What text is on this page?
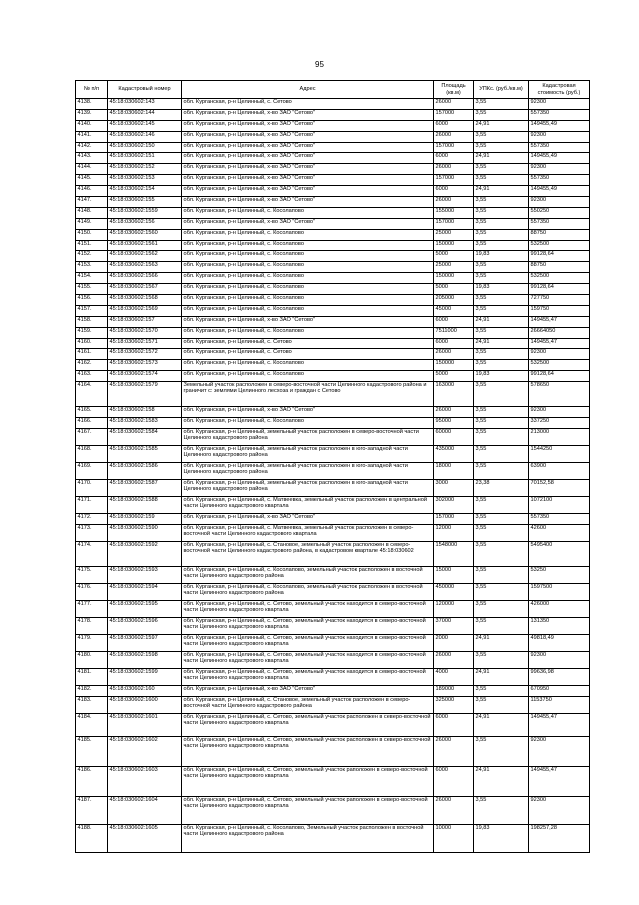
95
№ п/п	Кадастровый номер	Адрес	Площадь (кв.м)	УПКс. (руб./кв.м)	Кадастровая стоимость (руб.)
4138.	45:18:030602:143	обл. Курганская, р-н Целинный, с. Сетово	26000	3,55	92300
4139.	45:18:030602:144	обл. Курганская, р-н Целинный, х-во ЗАО "Сетово"	157000	3,55	557350
4140.	45:18:030602:145	обл. Курганская, р-н Целинный, х-во ЗАО "Сетово"	6000	24,91	149455,49
4141.	45:18:030602:146	обл. Курганская, р-н Целинный, х-во ЗАО "Сетово"	26000	3,55	92300
4142.	45:18:030602:150	обл. Курганская, р-н Целинный, х-во ЗАО "Сетово"	157000	3,55	557350
4143.	45:18:030602:151	обл. Курганская, р-н Целинный, х-во ЗАО "Сетово"	6000	24,91	149455,49
4144.	45:18:030602:152	обл. Курганская, р-н Целинный, х-во ЗАО "Сетово"	26000	3,55	92300
4145.	45:18:030602:153	обл. Курганская, р-н Целинный, х-во ЗАО "Сетово"	157000	3,55	557350
4146.	45:18:030602:154	обл. Курганская, р-н Целинный, х-во ЗАО "Сетово"	6000	24,91	149455,49
4147.	45:18:030602:155	обл. Курганская, р-н Целинный, х-во ЗАО "Сетово"	26000	3,55	92300
4148.	45:18:030602:1559	обл. Курганская, р-н Целинный, с. Косолапово	155000	3,55	550250
4149.	45:18:030602:156	обл. Курганская, р-н Целинный, х-во ЗАО "Сетово"	157000	3,55	557350
4150.	45:18:030602:1560	обл. Курганская, р-н Целинный, с. Косолапово	25000	3,55	88750
4151.	45:18:030602:1561	обл. Курганская, р-н Целинный, с. Косолапово	150000	3,55	532500
4152.	45:18:030602:1562	обл. Курганская, р-н Целинный, с. Косолапово	5000	19,83	99128,64
4153.	45:18:030602:1563	обл. Курганская, р-н Целинный, с. Косолапово	25000	3,55	88750
4154.	45:18:030602:1566	обл. Курганская, р-н Целинный, с. Косолапово	150000	3,55	532500
4155.	45:18:030602:1567	обл. Курганская, р-н Целинный, с. Косолапово	5000	19,83	99128,64
4156.	45:18:030602:1568	обл. Курганская, р-н Целинный, с. Косолапово	205000	3,55	727750
4157.	45:18:030602:1569	обл. Курганская, р-н Целинный, с. Косолапово	45000	3,55	159750
4158.	45:18:030602:157	обл. Курганская, р-н Целинный, х-во ЗАО "Сетово"	6000	24,91	149455,47
4159.	45:18:030602:1570	обл. Курганская, р-н Целинный, с. Косолапово	7511000	3,55	26664050
4160.	45:18:030602:1571	обл. Курганская, р-н Целинный, с. Сетово	6000	24,91	149455,47
4161.	45:18:030602:1572	обл. Курганская, р-н Целинный, с. Сетово	26000	3,55	92300
4162.	45:18:030602:1573	обл. Курганская, р-н Целинный, с. Косолапово	150000	3,55	532500
4163.	45:18:030602:1574	обл. Курганская, р-н Целинный, с. Косолапово	5000	19,83	99128,64
4164.	45:18:030602:1579	Земельный участок расположен в северо-восточной части Целинного кадастрового района и граничит с: землями Целинного лесхоза и граждан с Сетово	163000	3,55	578650
4165.	45:18:030602:158	обл. Курганская, р-н Целинный, х-во ЗАО "Сетово"	26000	3,55	92300
4166.	45:18:030602:1583	обл. Курганская, р-н Целинный, с. Косолапово	95000	3,55	337250
4167.	45:18:030602:1584	обл. Курганская, р-н Целинный, земельный участок расположен в северо-восточной части Целинного кадастрового района	60000	3,55	213000
4168.	45:18:030602:1585	обл. Курганская, р-н Целинный, земельный участок расположен в юго-западной части Целинного кадастрового района	435000	3,55	1544250
4169.	45:18:030602:1586	обл. Курганская, р-н Целинный, земельный участок расположен в юго-западной части Целинного кадастрового района	18000	3,55	63900
4170.	45:18:030602:1587	обл. Курганская, р-н Целинный, земельный участок расположен в юго-западной части Целинного кадастрового района	3000	23,38	70152,58
4171.	45:18:030602:1588	обл. Курганская, р-н Целинный, с. Матвеевка, земельный участок расположен в центральной части Целинного кадастрового квартала	302000	3,55	1072100
4172.	45:18:030602:159	обл. Курганская, р-н Целинный, х-во ЗАО "Сетово"	157000	3,55	557350
4173.	45:18:030602:1590	обл. Курганская, р-н Целинный, с. Матвеевка, земельный участок расположен в северо-восточной части Целинного кадастрового квартала	12000	3,55	42600
4174.	45:18:030602:1592	обл. Курганская, р-н Целинный, с. Становое, земельный участок расположен в северо-восточной части Целинного кадастрового района, в кадастровом квартале 45:18:030602	1548000	3,55	5495400
4175.	45:18:030602:1593	обл. Курганская, р-н Целинный, с. Косолапово, земельный участок расположен в восточной части Целинного кадастрового района	15000	3,55	53250
4176.	45:18:030602:1594	обл. Курганская, р-н Целинный, с. Косолапово, земельный участок расположен в восточной части Целинного кадастрового района	450000	3,55	1597500
4177.	45:18:030602:1595	обл. Курганская, р-н Целинный, с. Сетово, земельный участок находится в северо-восточной части Целинного кадастрового квартала	120000	3,55	426000
4178.	45:18:030602:1596	обл. Курганская, р-н Целинный, с. Сетово, земельный участок находится в северо-восточной части Целинного кадастрового квартала	37000	3,55	131350
4179.	45:18:030602:1597	обл. Курганская, р-н Целинный, с. Сетово, земельный участок находится в северо-восточной части Целинного кадастрового квартала	2000	24,91	49818,49
4180.	45:18:030602:1598	обл. Курганская, р-н Целинный, с. Сетово, земельный участок находится в северо-восточной части Целинного кадастрового квартала	26000	3,55	92300
4181.	45:18:030602:1599	обл. Курганская, р-н Целинный, с. Сетово, земельный участок находится в северо-восточной части Целинного кадастрового квартала	4000	24,91	99636,98
4182.	45:18:030602:160	обл. Курганская, р-н Целинный, х-во ЗАО "Сетово"	189000	3,55	670950
4183.	45:18:030602:1600	обл. Курганская, р-н Целинный, с. Становое, земельный участок расположен в северо-восточной части Целинного кадастрового района	325000	3,55	1153750
4184.	45:18:030602:1601	обл. Курганская, р-н Целинный, с. Сетово, земельный участок расположен в северо-восточной части Целинного кадастрового квартала	6000	24,91	149455,47
4185.	45:18:030602:1602	обл. Курганская, р-н Целинный, с. Сетово, земельный участок расположен в северо-восточной части Целинного кадастрового квартала	26000	3,55	92300
4186.	45:18:030602:1603	обл. Курганская, р-н Целинный, с. Сетово, земельный участок раположен в северо-восточной части Целинного кадастрового квартала	6000	24,91	149455,47
4187.	45:18:030602:1604	обл. Курганская, р-н Целинный, с. Сетово, земельный участок раположен в северо-восточной части Целинного кадастрового квартала	26000	3,55	92300
4188.	45:18:030602:1605	обл. Курганская, р-н Целинный, с. Косолапово, Земельный участок расположен в восточной части Целинного кадастрового района	10000	19,83	198257,28
